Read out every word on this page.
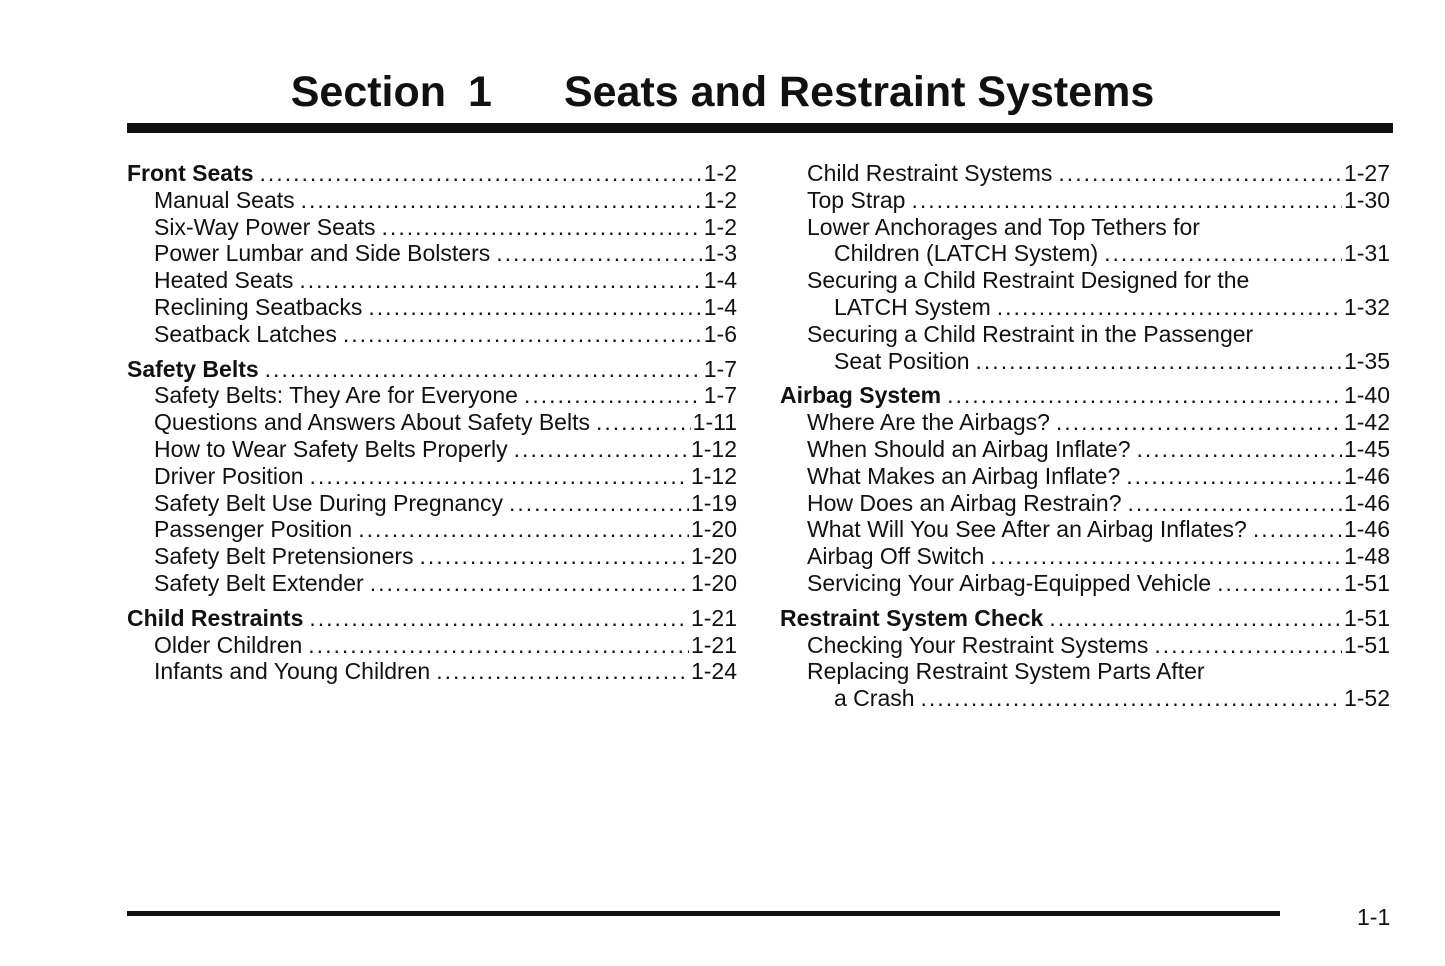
Section 1 Seats and Restraint Systems
Front Seats .....	1-2
Manual Seats .....	1-2
Six-Way Power Seats .....	1-2
Power Lumbar and Side Bolsters .....	1-3
Heated Seats .....	1-4
Reclining Seatbacks .....	1-4
Seatback Latches .....	1-6
Safety Belts .....	1-7
Safety Belts: They Are for Everyone .....	1-7
Questions and Answers About Safety Belts .....	1-11
How to Wear Safety Belts Properly .....	1-12
Driver Position .....	1-12
Safety Belt Use During Pregnancy .....	1-19
Passenger Position .....	1-20
Safety Belt Pretensioners .....	1-20
Safety Belt Extender .....	1-20
Child Restraints .....	1-21
Older Children .....	1-21
Infants and Young Children .....	1-24
Child Restraint Systems .....	1-27
Top Strap .....	1-30
Lower Anchorages and Top Tethers for
Children (LATCH System) .....	1-31
Securing a Child Restraint Designed for the
LATCH System .....	1-32
Securing a Child Restraint in the Passenger
Seat Position .....	1-35
Airbag System .....	1-40
Where Are the Airbags? .....	1-42
When Should an Airbag Inflate? .....	1-45
What Makes an Airbag Inflate? .....	1-46
How Does an Airbag Restrain? .....	1-46
What Will You See After an Airbag Inflates? .....	1-46
Airbag Off Switch .....	1-48
Servicing Your Airbag-Equipped Vehicle .....	1-51
Restraint System Check .....	1-51
Checking Your Restraint Systems .....	1-51
Replacing Restraint System Parts After
a Crash .....	1-52
1-1
